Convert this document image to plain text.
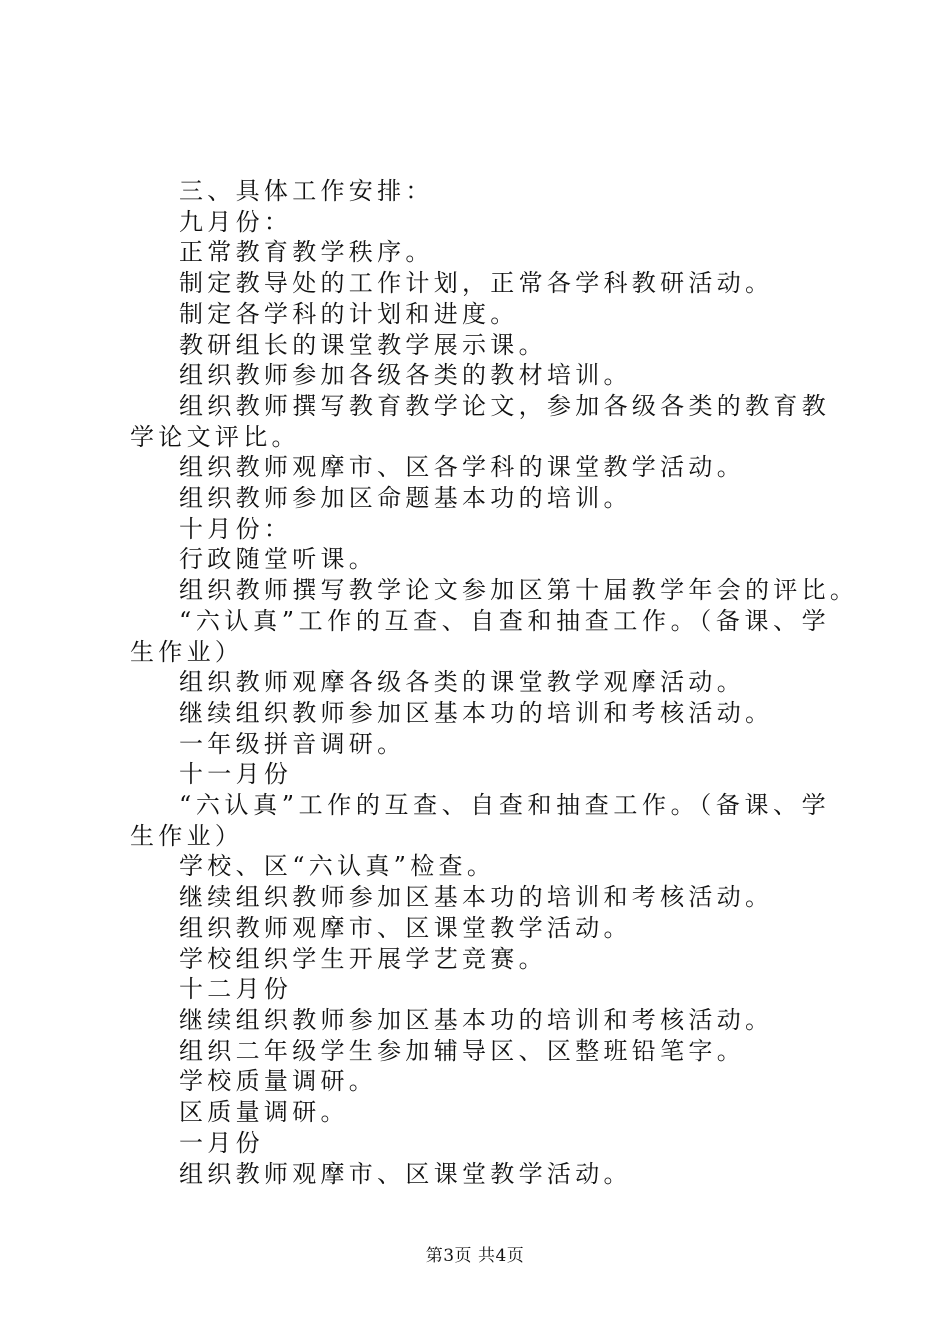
三、具体工作安排：

九月份：

正常教育教学秩序。

制定教导处的工作计划，正常各学科教研活动。

制定各学科的计划和进度。

教研组长的课堂教学展示课。

组织教师参加各级各类的教材培训。

组织教师撰写教育教学论文，参加各级各类的教育教学论文评比。

组织教师观摩市、区各学科的课堂教学活动。

组织教师参加区命题基本功的培训。

十月份：

行政随堂听课。

组织教师撰写教学论文参加区第十届教学年会的评比。

“六认真”工作的互查、自查和抽查工作。（备课、学生作业）

组织教师观摩各级各类的课堂教学观摩活动。

继续组织教师参加区基本功的培训和考核活动。

一年级拼音调研。

十一月份

“六认真”工作的互查、自查和抽查工作。（备课、学生作业）

学校、区“六认真”检查。

继续组织教师参加区基本功的培训和考核活动。

组织教师观摩市、区课堂教学活动。

学校组织学生开展学艺竞赛。

十二月份

继续组织教师参加区基本功的培训和考核活动。

组织二年级学生参加辅导区、区整班铅笔字。

学校质量调研。

区质量调研。

一月份

组织教师观摩市、区课堂教学活动。

第3页 共4页
